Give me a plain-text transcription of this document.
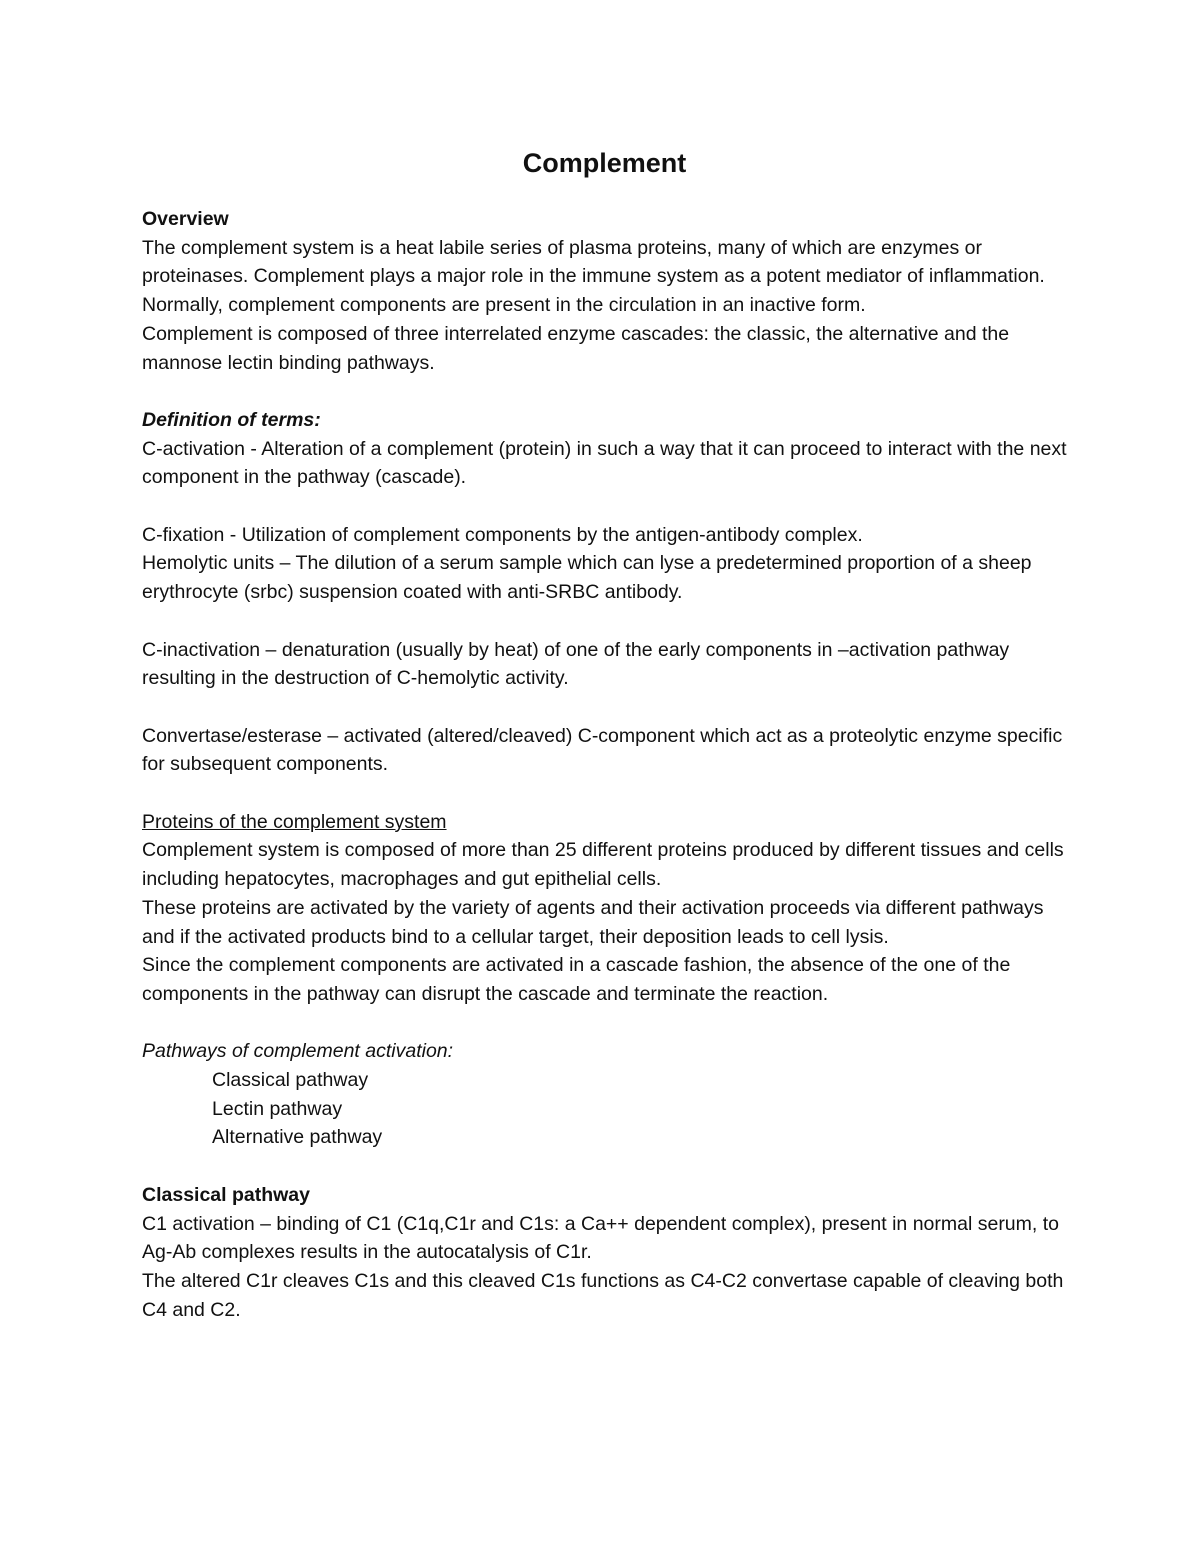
Complement
Overview
The complement system is a heat labile series of plasma proteins, many of which are enzymes or proteinases. Complement plays a major role in the immune system as a potent mediator of inflammation.
Normally, complement components are present in the circulation in an inactive form.
Complement is composed of three interrelated enzyme cascades: the classic, the alternative and the mannose lectin binding pathways.
Definition of terms:
C-activation - Alteration of a complement (protein) in such a way that it can proceed to interact with the next component in the pathway (cascade).
C-fixation - Utilization of complement components by the antigen-antibody complex.
Hemolytic units – The dilution of a serum sample which can lyse a predetermined proportion of a sheep erythrocyte (srbc) suspension coated with anti-SRBC antibody.
C-inactivation – denaturation (usually by heat) of one of the early components in –activation pathway resulting in the destruction of C-hemolytic activity.
Convertase/esterase – activated (altered/cleaved) C-component which act as a proteolytic enzyme specific for subsequent components.
Proteins of the complement system
Complement system is composed of more than 25 different proteins produced by different tissues and cells including hepatocytes, macrophages and gut epithelial cells.
These proteins are activated by the variety of agents and their activation proceeds via different pathways and if the activated products bind to a cellular target, their deposition leads to cell lysis.
Since the complement components are activated in a cascade fashion, the absence of the one of the components in the pathway can disrupt the cascade and terminate the reaction.
Pathways of complement activation:
Classical pathway
Lectin pathway
Alternative pathway
Classical pathway
C1 activation – binding of C1 (C1q,C1r and C1s: a Ca++ dependent complex), present in normal serum, to Ag-Ab complexes results in the autocatalysis of C1r.
The altered C1r cleaves C1s and this cleaved C1s functions as C4-C2 convertase capable of cleaving both C4 and C2.
